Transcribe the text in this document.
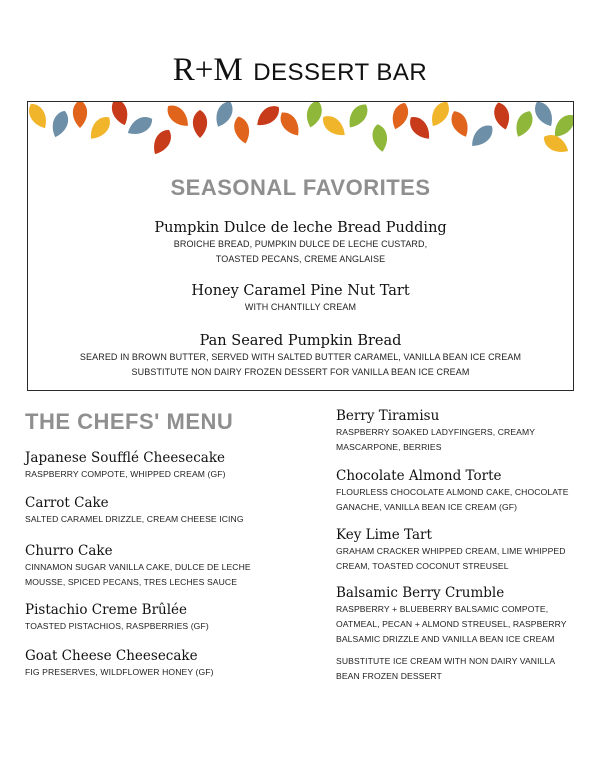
R+M DESSERT BAR

SEASONAL FAVORITES

Pumpkin Dulce de leche Bread Pudding
BROICHE BREAD, PUMPKIN DULCE DE LECHE CUSTARD,
TOASTED PECANS, CREME ANGLAISE
Honey Caramel Pine Nut Tart
WITH CHANTILLY CREAM
Pan Seared Pumpkin Bread
SEARED IN BROWN BUTTER, SERVED WITH SALTED BUTTER CARAMEL, VANILLA BEAN ICE CREAM
SUBSTITUTE NON DAIRY FROZEN DESSERT FOR VANILLA BEAN ICE CREAM

THE CHEFS' MENU

Japanese Soufflé Cheesecake
RASPBERRY COMPOTE, WHIPPED CREAM (GF)
Carrot Cake
SALTED CARAMEL DRIZZLE, CREAM CHEESE ICING
Churro Cake
CINNAMON SUGAR VANILLA CAKE, DULCE DE LECHE
MOUSSE, SPICED PECANS, TRES LECHES SAUCE
Pistachio Creme Brûlée
TOASTED PISTACHIOS, RASPBERRIES (GF)
Goat Cheese Cheesecake
FIG PRESERVES, WILDFLOWER HONEY (GF)
Berry Tiramisu
RASPBERRY SOAKED LADYFINGERS, CREAMY
MASCARPONE, BERRIES
Chocolate Almond Torte
FLOURLESS CHOCOLATE ALMOND CAKE, CHOCOLATE
GANACHE, VANILLA BEAN ICE CREAM (GF)
Key Lime Tart
GRAHAM CRACKER WHIPPED CREAM, LIME WHIPPED
CREAM, TOASTED COCONUT STREUSEL
Balsamic Berry Crumble
RASPBERRY + BLUEBERRY BALSAMIC COMPOTE,
OATMEAL, PECAN + ALMOND STREUSEL, RASPBERRY
BALSAMIC DRIZZLE AND VANILLA BEAN ICE CREAM
SUBSTITUTE ICE CREAM WITH NON DAIRY VANILLA
BEAN FROZEN DESSERT
